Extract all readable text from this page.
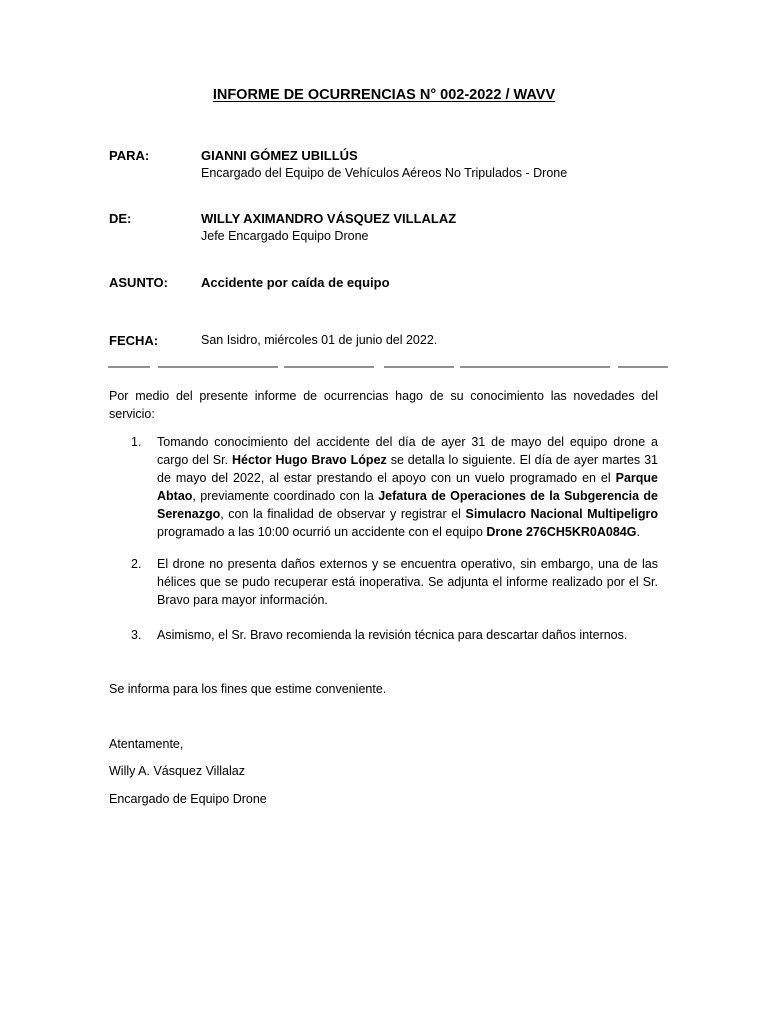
INFORME DE OCURRENCIAS N° 002-2022 / WAVV
PARA:	GIANNI GÓMEZ UBILLÚS
Encargado del Equipo de Vehículos Aéreos No Tripulados - Drone
DE:	WILLY AXIMANDRO VÁSQUEZ VILLALAZ
Jefe Encargado Equipo Drone
ASUNTO:	Accidente por caída de equipo
FECHA:	San Isidro, miércoles 01 de junio del 2022.
Por medio del presente informe de ocurrencias hago de su conocimiento las novedades del servicio:
1. Tomando conocimiento del accidente del día de ayer 31 de mayo del equipo drone a cargo del Sr. Héctor Hugo Bravo López se detalla lo siguiente. El día de ayer martes 31 de mayo del 2022, al estar prestando el apoyo con un vuelo programado en el Parque Abtao, previamente coordinado con la Jefatura de Operaciones de la Subgerencia de Serenazgo, con la finalidad de observar y registrar el Simulacro Nacional Multipeligro programado a las 10:00 ocurrió un accidente con el equipo Drone 276CH5KR0A084G.
2. El drone no presenta daños externos y se encuentra operativo, sin embargo, una de las hélices que se pudo recuperar está inoperativa. Se adjunta el informe realizado por el Sr. Bravo para mayor información.
3. Asimismo, el Sr. Bravo recomienda la revisión técnica para descartar daños internos.
Se informa para los fines que estime conveniente.
Atentamente,
Willy A. Vásquez Villalaz
Encargado de Equipo Drone
